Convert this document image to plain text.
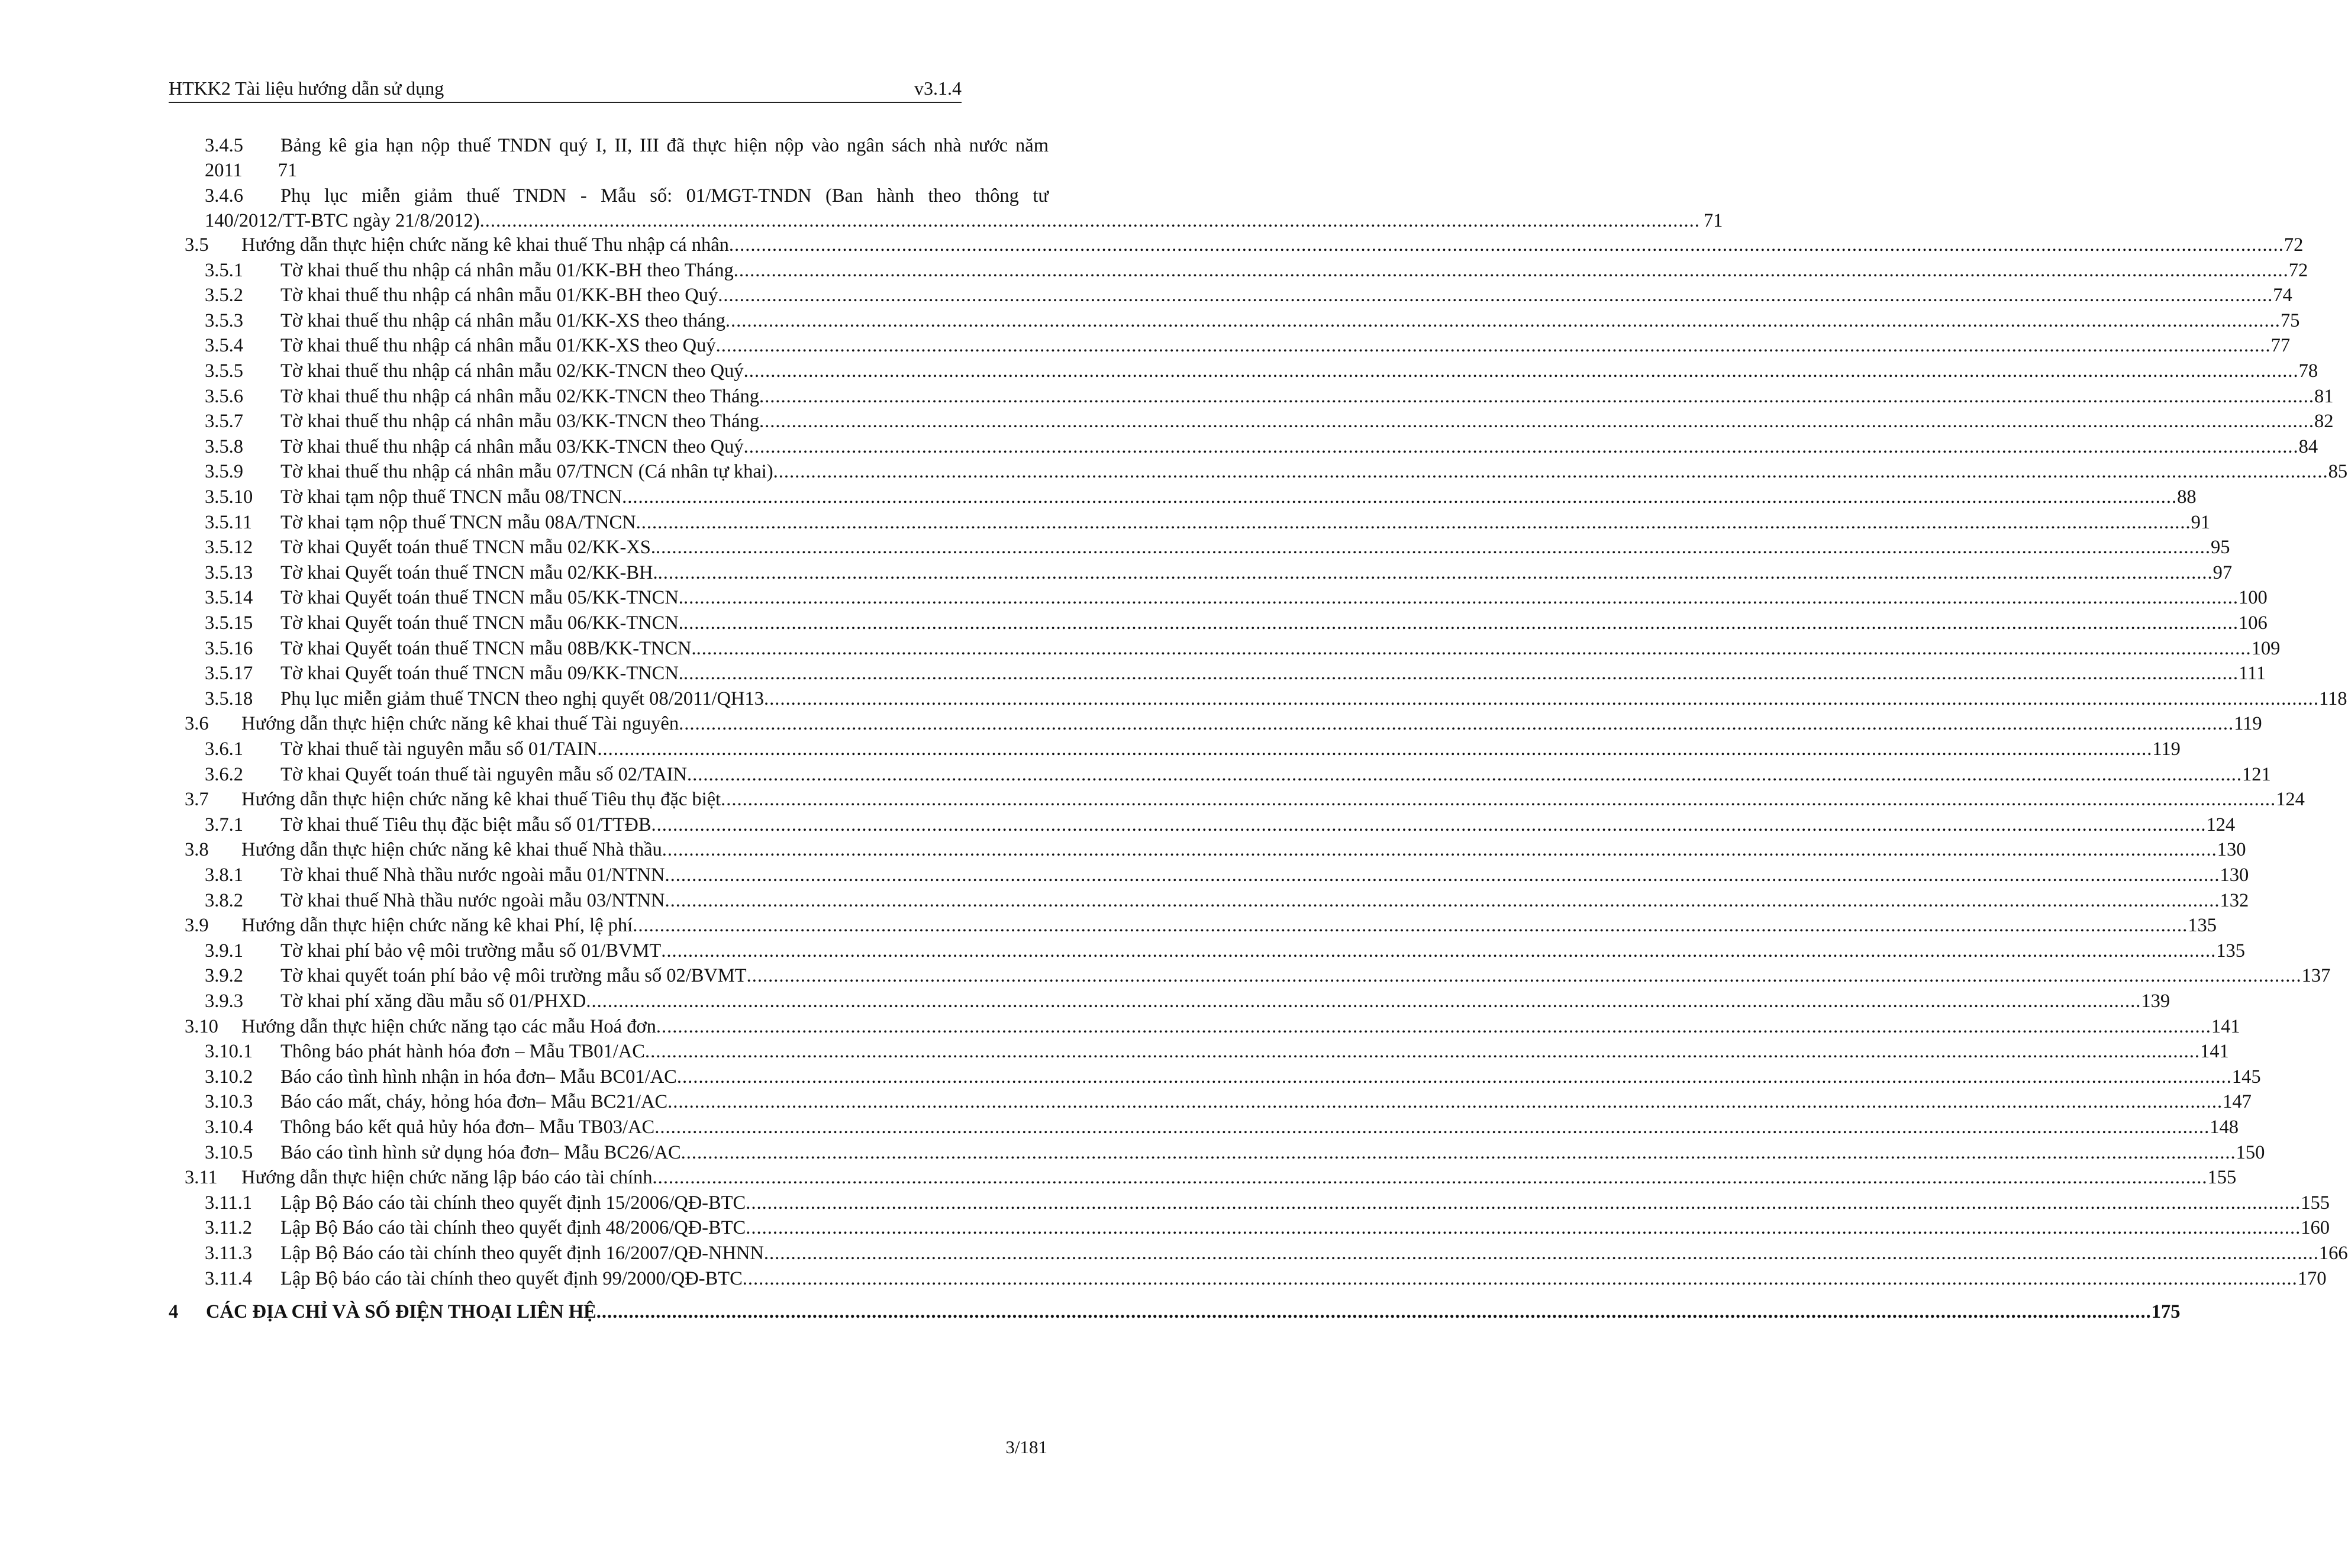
HTKK2 Tài liệu hướng dẫn sử dụng	v3.1.4
3.4.5	Bảng kê gia hạn nộp thuế TNDN quý I, II, III đã thực hiện nộp vào ngân sách nhà nước năm
2011 71
3.4.6	Phụ lục miễn giảm thuế TNDN - Mẫu số: 01/MGT-TNDN (Ban hành theo thông tư
140/2012/TT-BTC ngày 21/8/2012) .................................................................................................................................................................................................................................. 71
3.5	Hướng dẫn thực hiện chức năng kê khai thuế Thu nhập cá nhân .....	72
3.5.1	Tờ khai thuế thu nhập cá nhân mẫu 01/KK-BH theo Tháng .....	72
3.5.2	Tờ khai thuế thu nhập cá nhân mẫu 01/KK-BH theo Quý .....	74
3.5.3	Tờ khai thuế thu nhập cá nhân mẫu 01/KK-XS theo tháng .....	75
3.5.4	Tờ khai thuế thu nhập cá nhân mẫu 01/KK-XS theo Quý .....	77
3.5.5	Tờ khai thuế thu nhập cá nhân mẫu 02/KK-TNCN theo Quý .....	78
3.5.6	Tờ khai thuế thu nhập cá nhân mẫu 02/KK-TNCN theo Tháng .....	81
3.5.7	Tờ khai thuế thu nhập cá nhân mẫu 03/KK-TNCN theo Tháng .....	82
3.5.8	Tờ khai thuế thu nhập cá nhân mẫu 03/KK-TNCN theo Quý .....	84
3.5.9	Tờ khai thuế thu nhập cá nhân mẫu 07/TNCN (Cá nhân tự khai) .....	85
3.5.10	Tờ khai tạm nộp thuế TNCN mẫu 08/TNCN .....	88
3.5.11	Tờ khai tạm nộp thuế TNCN mẫu 08A/TNCN .....	91
3.5.12	Tờ khai Quyết toán thuế TNCN mẫu 02/KK-XS. .....	95
3.5.13	Tờ khai Quyết toán thuế TNCN mẫu 02/KK-BH. .....	97
3.5.14	Tờ khai Quyết toán thuế TNCN mẫu 05/KK-TNCN. .....	100
3.5.15	Tờ khai Quyết toán thuế TNCN mẫu 06/KK-TNCN. .....	106
3.5.16	Tờ khai Quyết toán thuế TNCN mẫu 08B/KK-TNCN. .....	109
3.5.17	Tờ khai Quyết toán thuế TNCN mẫu 09/KK-TNCN. .....	111
3.5.18	Phụ lục miễn giảm thuế TNCN theo nghị quyết 08/2011/QH13 .....	118
3.6	Hướng dẫn thực hiện chức năng kê khai thuế Tài nguyên .....	119
3.6.1	Tờ khai thuế tài nguyên mẫu số 01/TAIN .....	119
3.6.2	Tờ khai Quyết toán thuế tài nguyên mẫu số 02/TAIN .....	121
3.7	Hướng dẫn thực hiện chức năng kê khai thuế Tiêu thụ đặc biệt .....	124
3.7.1	Tờ khai thuế Tiêu thụ đặc biệt mẫu số 01/TTĐB .....	124
3.8	Hướng dẫn thực hiện chức năng kê khai thuế Nhà thầu .....	130
3.8.1	Tờ khai thuế Nhà thầu nước ngoài mẫu 01/NTNN .....	130
3.8.2	Tờ khai thuế Nhà thầu nước ngoài mẫu 03/NTNN .....	132
3.9	Hướng dẫn thực hiện chức năng kê khai Phí, lệ phí .....	135
3.9.1	Tờ khai phí bảo vệ môi trường mẫu số 01/BVMT .....	135
3.9.2	Tờ khai quyết toán phí bảo vệ môi trường mẫu số 02/BVMT .....	137
3.9.3	Tờ khai phí xăng dầu mẫu số 01/PHXD .....	139
3.10	Hướng dẫn thực hiện chức năng tạo các mẫu Hoá đơn .....	141
3.10.1	Thông báo phát hành hóa đơn – Mẫu TB01/AC .....	141
3.10.2	Báo cáo tình hình nhận in hóa đơn– Mẫu BC01/AC .....	145
3.10.3	Báo cáo mất, cháy, hỏng hóa đơn– Mẫu BC21/AC .....	147
3.10.4	Thông báo kết quả hủy hóa đơn– Mẫu TB03/AC .....	148
3.10.5	Báo cáo tình hình sử dụng hóa đơn– Mẫu BC26/AC .....	150
3.11	Hướng dẫn thực hiện chức năng lập báo cáo tài chính .....	155
3.11.1	Lập Bộ Báo cáo tài chính theo quyết định 15/2006/QĐ-BTC .....	155
3.11.2	Lập Bộ Báo cáo tài chính theo quyết định 48/2006/QĐ-BTC .....	160
3.11.3	Lập Bộ Báo cáo tài chính theo quyết định 16/2007/QĐ-NHNN .....	166
3.11.4	Lập Bộ báo cáo tài chính theo quyết định 99/2000/QĐ-BTC .....	170
4	CÁC ĐỊA CHỈ VÀ SỐ ĐIỆN THOẠI LIÊN HỆ .....	175
3/181
